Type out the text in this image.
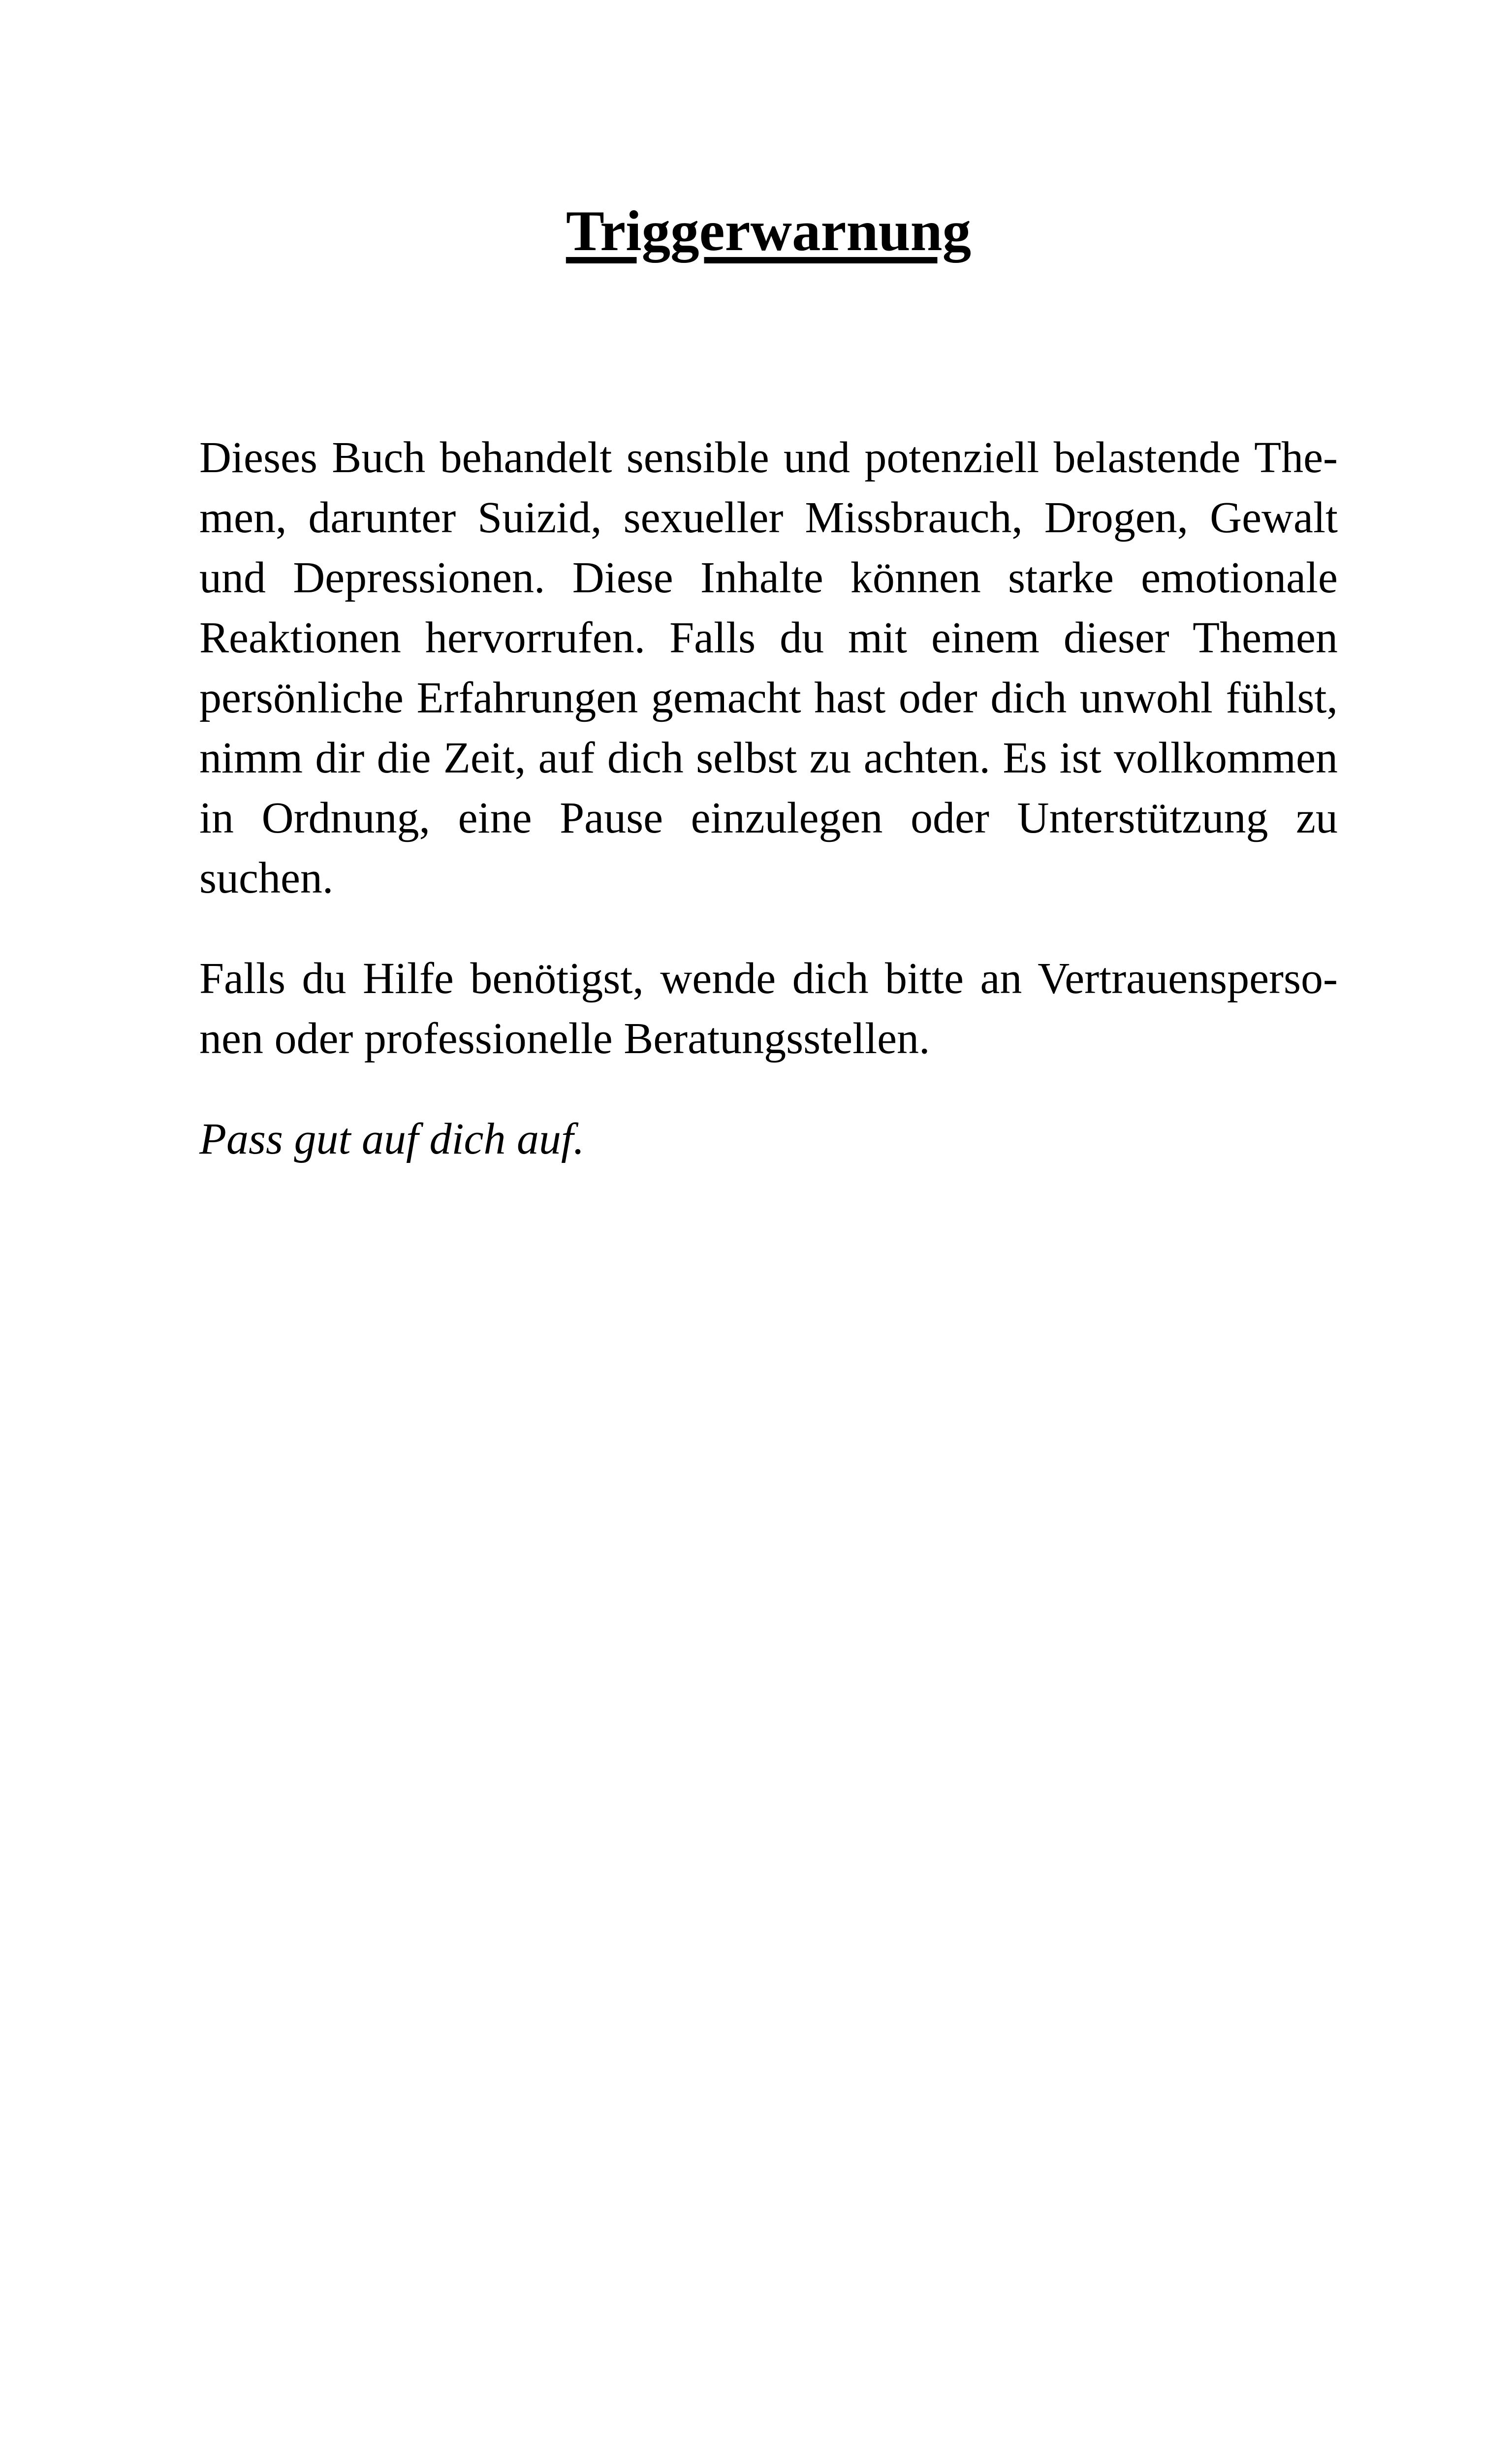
Triggerwarnung

Dieses Buch behandelt sensible und potenziell belastende The-
men, darunter Suizid, sexueller Missbrauch, Drogen, Gewalt
und Depressionen. Diese Inhalte können starke emotionale
Reaktionen hervorrufen. Falls du mit einem dieser Themen
persönliche Erfahrungen gemacht hast oder dich unwohl fühlst,
nimm dir die Zeit, auf dich selbst zu achten. Es ist vollkommen
in Ordnung, eine Pause einzulegen oder Unterstützung zu
suchen.

Falls du Hilfe benötigst, wende dich bitte an Vertrauensperso-
nen oder professionelle Beratungsstellen.

Pass gut auf dich auf.
